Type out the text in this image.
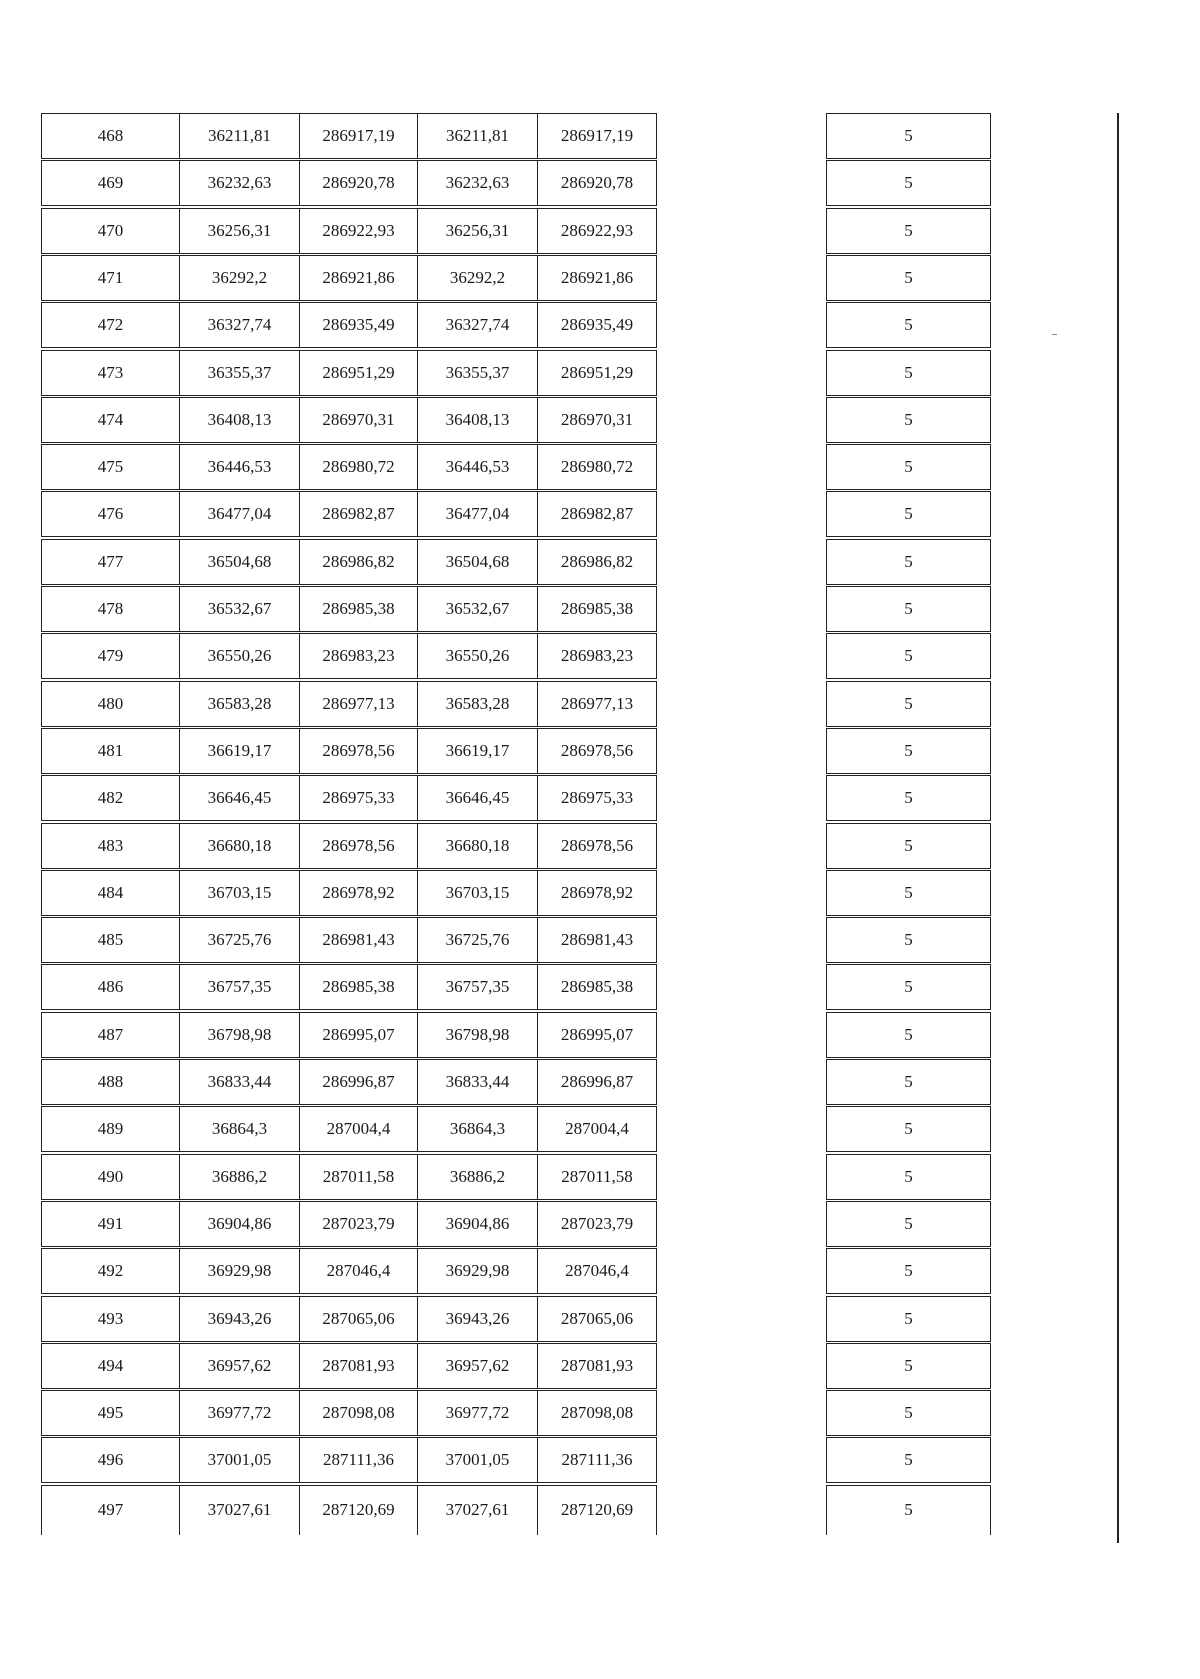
468	36211,81	286917,19	36211,81	286917,19	5
469	36232,63	286920,78	36232,63	286920,78	5
470	36256,31	286922,93	36256,31	286922,93	5
471	36292,2	286921,86	36292,2	286921,86	5
472	36327,74	286935,49	36327,74	286935,49	5
473	36355,37	286951,29	36355,37	286951,29	5
474	36408,13	286970,31	36408,13	286970,31	5
475	36446,53	286980,72	36446,53	286980,72	5
476	36477,04	286982,87	36477,04	286982,87	5
477	36504,68	286986,82	36504,68	286986,82	5
478	36532,67	286985,38	36532,67	286985,38	5
479	36550,26	286983,23	36550,26	286983,23	5
480	36583,28	286977,13	36583,28	286977,13	5
481	36619,17	286978,56	36619,17	286978,56	5
482	36646,45	286975,33	36646,45	286975,33	5
483	36680,18	286978,56	36680,18	286978,56	5
484	36703,15	286978,92	36703,15	286978,92	5
485	36725,76	286981,43	36725,76	286981,43	5
486	36757,35	286985,38	36757,35	286985,38	5
487	36798,98	286995,07	36798,98	286995,07	5
488	36833,44	286996,87	36833,44	286996,87	5
489	36864,3	287004,4	36864,3	287004,4	5
490	36886,2	287011,58	36886,2	287011,58	5
491	36904,86	287023,79	36904,86	287023,79	5
492	36929,98	287046,4	36929,98	287046,4	5
493	36943,26	287065,06	36943,26	287065,06	5
494	36957,62	287081,93	36957,62	287081,93	5
495	36977,72	287098,08	36977,72	287098,08	5
496	37001,05	287111,36	37001,05	287111,36	5
497	37027,61	287120,69	37027,61	287120,69	5
